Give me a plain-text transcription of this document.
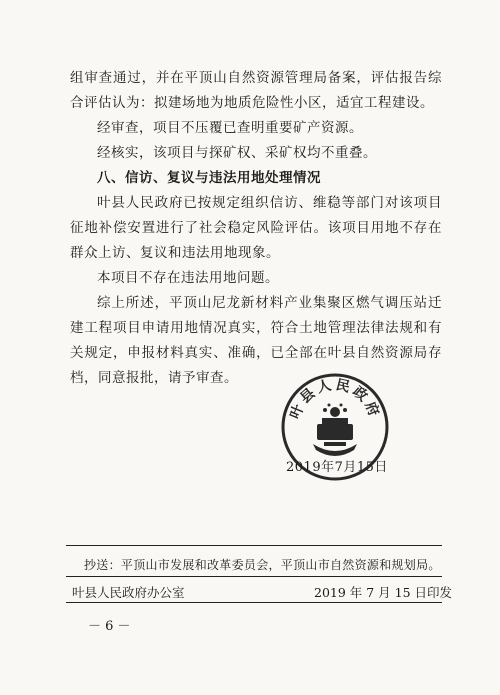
组审查通过，并在平顶山自然资源管理局备案，评估报告综合评估认为：拟建场地为地质危险性小区，适宜工程建设。

经审查，项目不压覆已查明重要矿产资源。

经核实，该项目与探矿权、采矿权均不重叠。

八、信访、复议与违法用地处理情况

叶县人民政府已按规定组织信访、维稳等部门对该项目征地补偿安置进行了社会稳定风险评估。该项目用地不存在群众上访、复议和违法用地现象。

本项目不存在违法用地问题。

综上所述，平顶山尼龙新材料产业集聚区燃气调压站迁建工程项目申请用地情况真实，符合土地管理法律法规和有关规定，申报材料真实、准确，已全部在叶县自然资源局存档，同意报批，请予审查。

叶县人民政府
2019年7月15日
抄送：平顶山市发展和改革委员会，平顶山市自然资源和规划局。
叶县人民政府办公室	2019 年 7 月 15 日印发
－ 6 －
